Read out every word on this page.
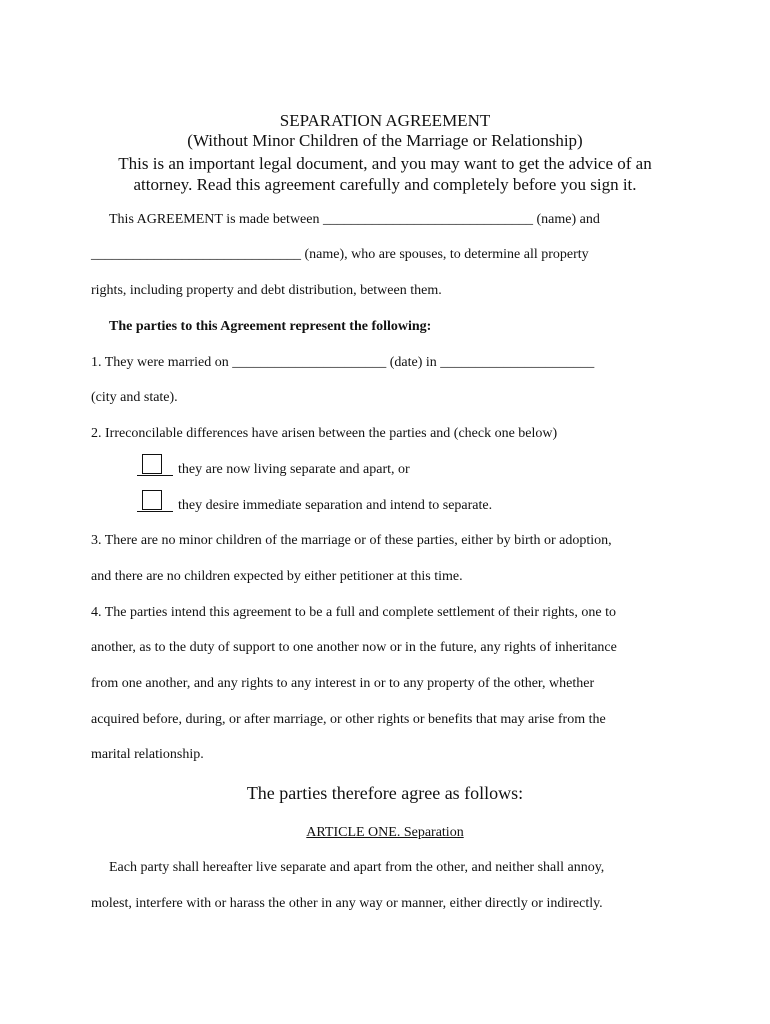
SEPARATION AGREEMENT
(Without Minor Children of the Marriage or Relationship)
This is an important legal document, and you may want to get the advice of an
attorney. Read this agreement carefully and completely before you sign it.
This AGREEMENT is made between ______________________________ (name) and
______________________________ (name), who are spouses, to determine all property
rights, including property and debt distribution, between them.
The parties to this Agreement represent the following:
1. They were married on ______________________ (date) in ______________________
(city and state).
2. Irreconcilable differences have arisen between the parties and (check one below)
they are now living separate and apart, or
they desire immediate separation and intend to separate.
3. There are no minor children of the marriage or of these parties, either by birth or adoption,
and there are no children expected by either petitioner at this time.
4. The parties intend this agreement to be a full and complete settlement of their rights, one to
another, as to the duty of support to one another now or in the future, any rights of inheritance
from one another, and any rights to any interest in or to any property of the other, whether
acquired before, during, or after marriage, or other rights or benefits that may arise from the
marital relationship.
The parties therefore agree as follows:
ARTICLE ONE. Separation
Each party shall hereafter live separate and apart from the other, and neither shall annoy,
molest, interfere with or harass the other in any way or manner, either directly or indirectly.
